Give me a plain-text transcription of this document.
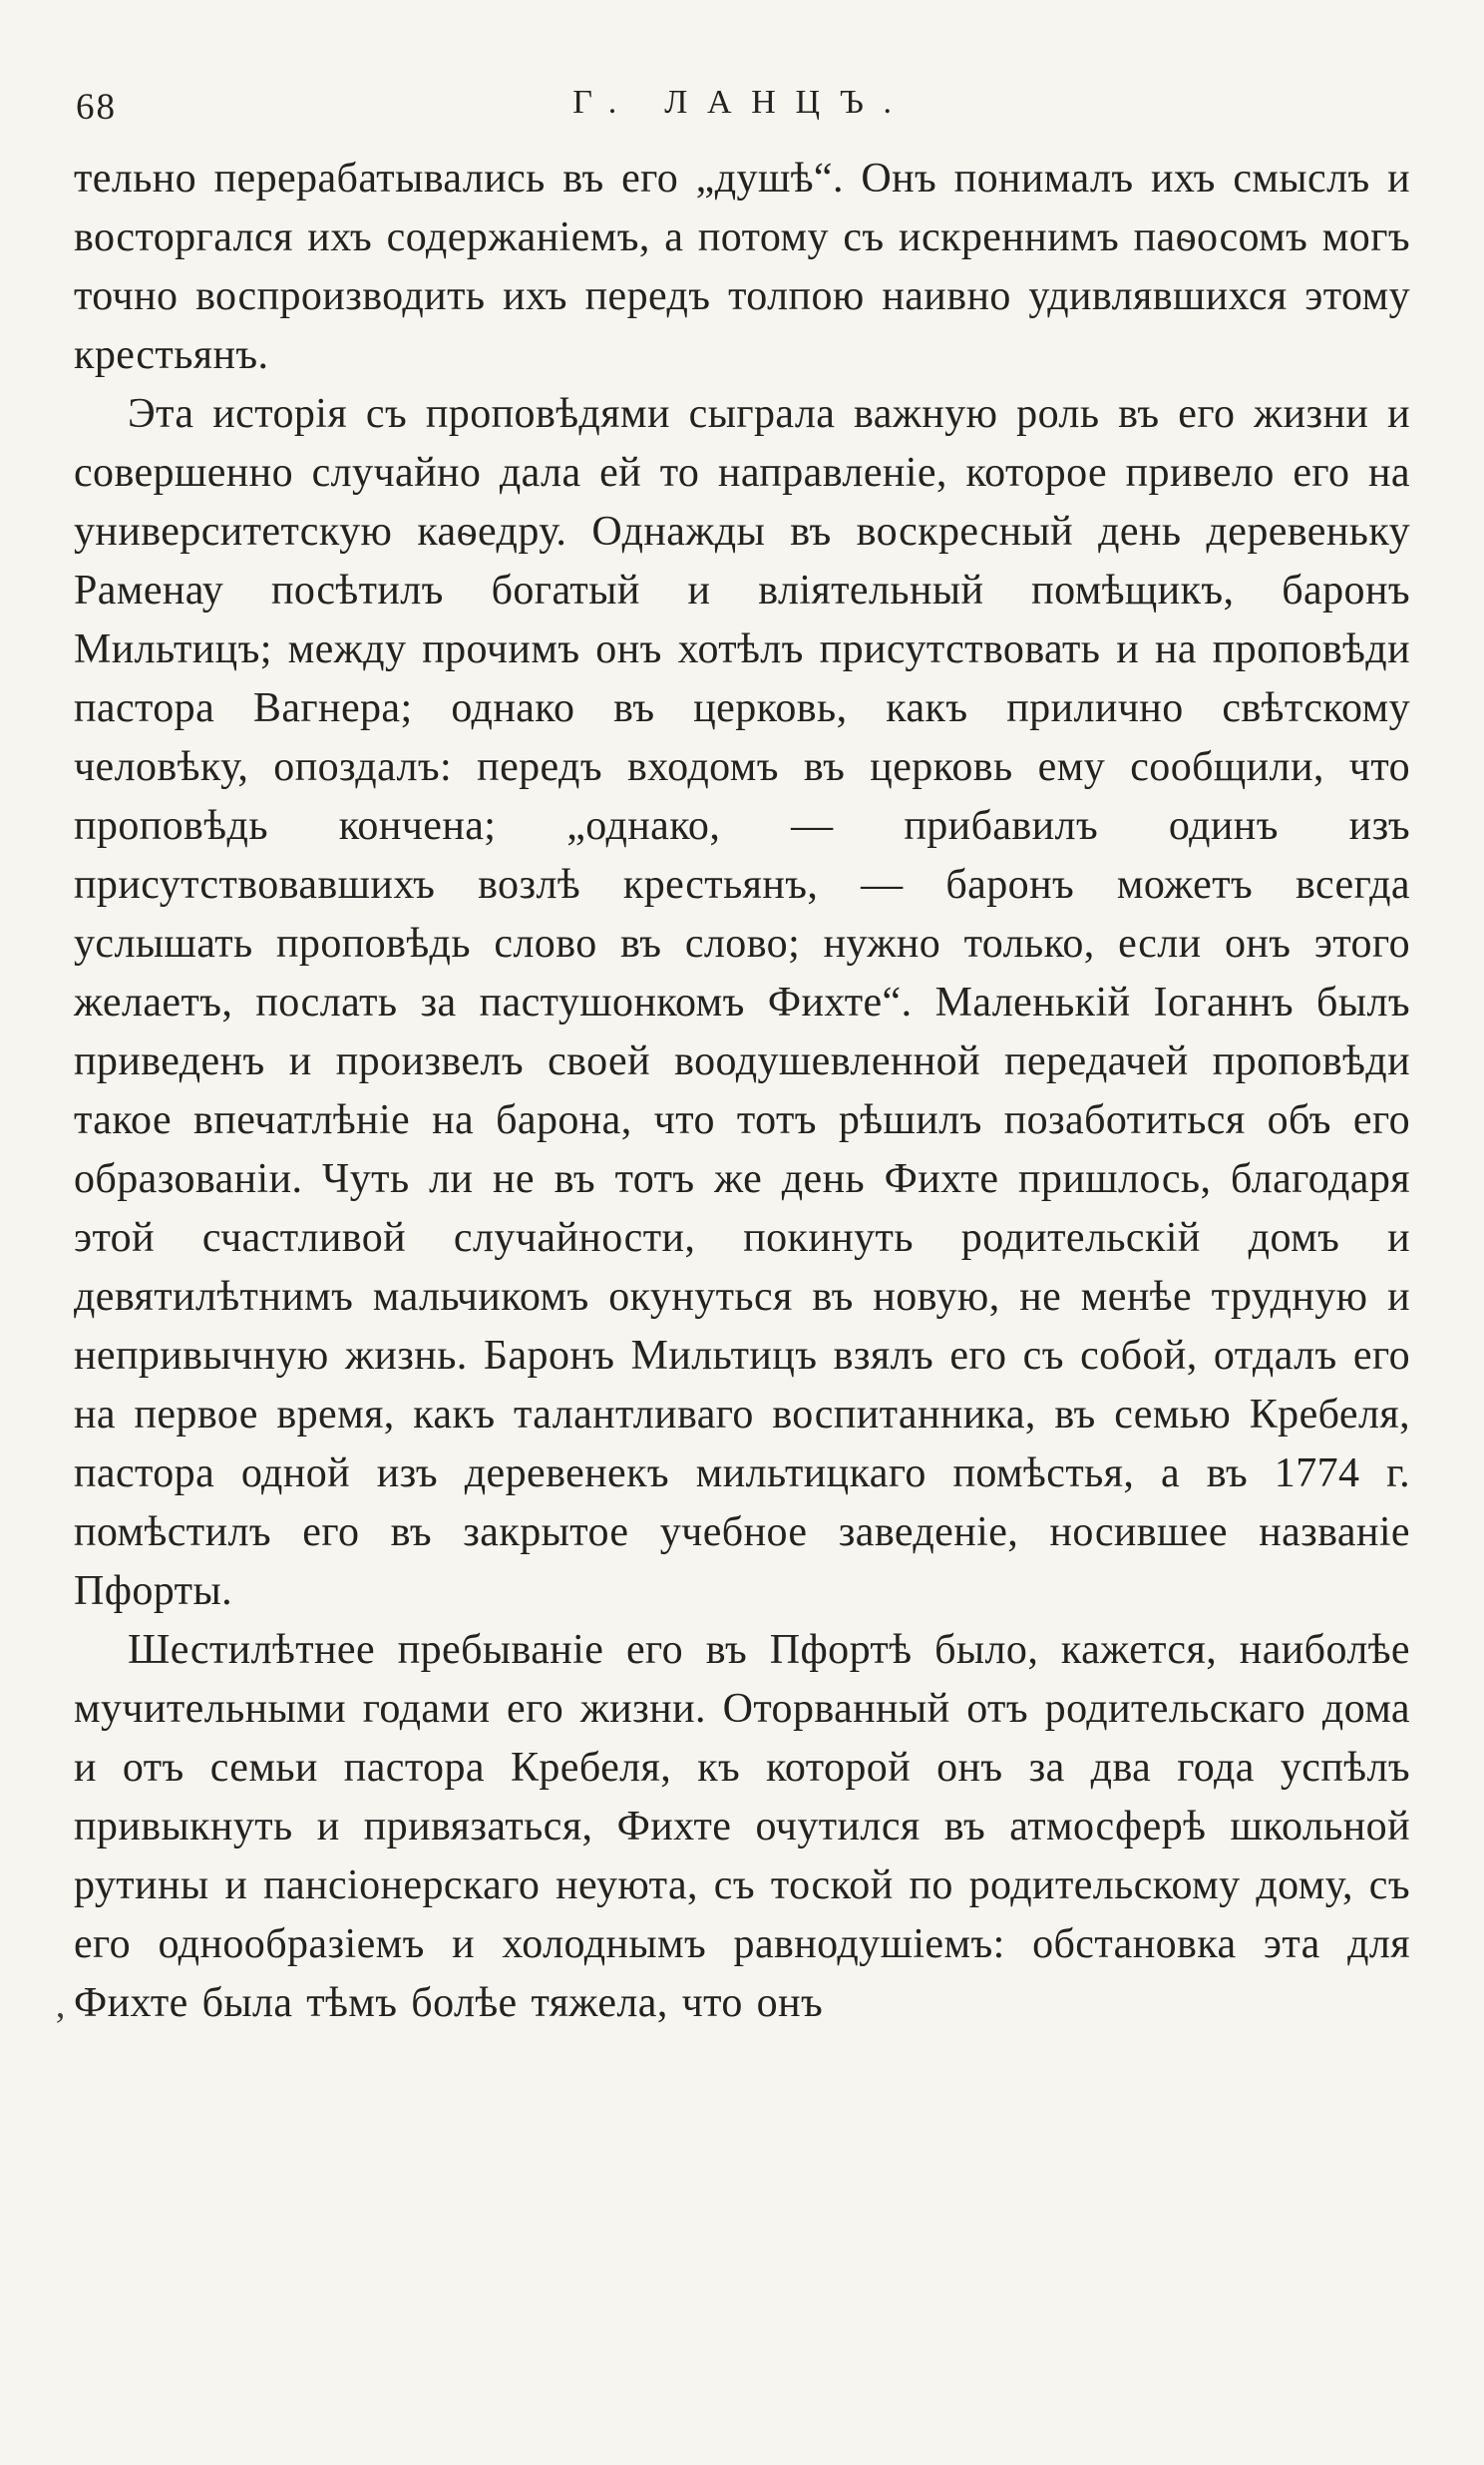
68	Г. ЛАНЦЪ.

тельно перерабатывались въ его „душѣ“. Онъ понималъ ихъ смыслъ и восторгался ихъ содержаніемъ, а потому съ искреннимъ паѳосомъ могъ точно воспроизводить ихъ передъ толпою наивно удивлявшихся этому крестьянъ.

Эта исторія съ проповѣдями сыграла важную роль въ его жизни и совершенно случайно дала ей то направленіе, которое привело его на университетскую каѳедру. Однажды въ воскресный день деревеньку Раменау посѣтилъ богатый и вліятельный помѣщикъ, баронъ Мильтицъ; между прочимъ онъ хотѣлъ присутствовать и на проповѣди пастора Вагнера; однако въ церковь, какъ прилично свѣтскому человѣку, опоздалъ: передъ входомъ въ церковь ему сообщили, что проповѣдь кончена; „однако, — прибавилъ одинъ изъ присутствовавшихъ возлѣ крестьянъ, — баронъ можетъ всегда услышать проповѣдь слово въ слово; нужно только, если онъ этого желаетъ, послать за пастушонкомъ Фихте“. Маленькій Іоганнъ былъ приведенъ и произвелъ своей воодушевленной передачей проповѣди такое впечатлѣніе на барона, что тотъ рѣшилъ позаботиться объ его образованіи. Чуть ли не въ тотъ же день Фихте пришлось, благодаря этой счастливой случайности, покинуть родительскій домъ и девятилѣтнимъ мальчикомъ окунуться въ новую, не менѣе трудную и непривычную жизнь. Баронъ Мильтицъ взялъ его съ собой, отдалъ его на первое время, какъ талантливаго воспитанника, въ семью Кребеля, пастора одной изъ деревенекъ мильтицкаго помѣстья, а въ 1774 г. помѣстилъ его въ закрытое учебное заведеніе, носившее названіе Пфорты.

Шестилѣтнее пребываніе его въ Пфортѣ было, кажется, наиболѣе мучительными годами его жизни. Оторванный отъ родительскаго дома и отъ семьи пастора Кребеля, къ которой онъ за два года успѣлъ привыкнуть и привязаться, Фихте очутился въ атмосферѣ школьной рутины и пансіонерскаго неуюта, съ тоской по родительскому дому, съ его однообразіемъ и холоднымъ равнодушіемъ: обстановка эта для Фихте была тѣмъ болѣе тяжела, что онъ

‚
